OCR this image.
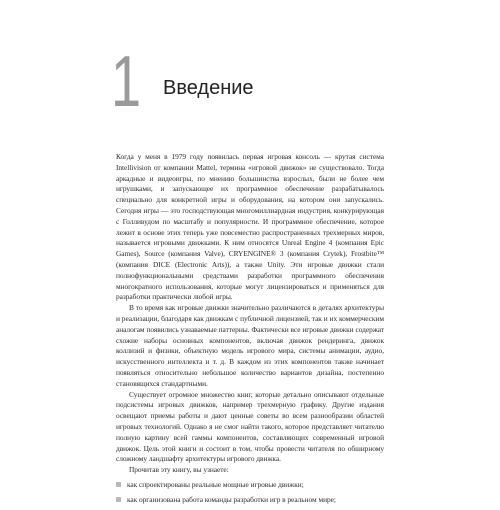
1 Введение

Когда у меня в 1979 году появилась первая игровая консоль — крутая система Intellivision от компании Mattel, термина «игровой движок» не существовало. Тогда аркадные и видеоигры, по мнению большинства взрослых, были не более чем игрушками, и запускающее их программное обеспечение разрабатывалось специально для конкретной игры и оборудования, на котором они запускались. Сегодня игры — это господствующая многомиллиардная индустрия, конкурирующая с Голливудом по масштабу и популярности. И программное обеспечение, которое лежит в основе этих теперь уже повсеместно распространенных трехмерных миров, называется игровыми движками. К ним относятся Unreal Engine 4 (компания Epic Games), Source (компания Valve), CRYENGINE® 3 (компания Crytek), Frostbite™ (компания DICE (Electronic Arts)), а также Unity. Эти игровые движки стали полнофункциональными средствами разработки программного обеспечения многократного использования, которые могут лицензироваться и применяться для разработки практически любой игры.

В то время как игровые движки значительно различаются в деталях архитектуры и реализации, благодаря как движкам с публичной лицензией, так и их коммерческим аналогам появились узнаваемые паттерны. Фактически все игровые движки содержат схожие наборы основных компонентов, включая движок рендеринга, движок коллизий и физики, объектную модель игрового мира, системы анимации, аудио, искусственного интеллекта и т. д. В каждом из этих компонентов также начинает появляться относительно небольшое количество вариантов дизайна, постепенно становящихся стандартными.

Существует огромное множество книг, которые детально описывают отдельные подсистемы игровых движков, например трехмерную графику. Другие издания освещают приемы работы и дают ценные советы во всем разнообразии областей игровых технологий. Однако я не смог найти такого, которое представляет читателю полную картину всей гаммы компонентов, составляющих современный игровой движок. Цель этой книги и состоит в том, чтобы провести читателя по обширному сложному ландшафту архитектуры игрового движка.

Прочитав эту книгу, вы узнаете:

как спроектированы реальные мощные игровые движки;
как организована работа команды разработки игр в реальном мире;
